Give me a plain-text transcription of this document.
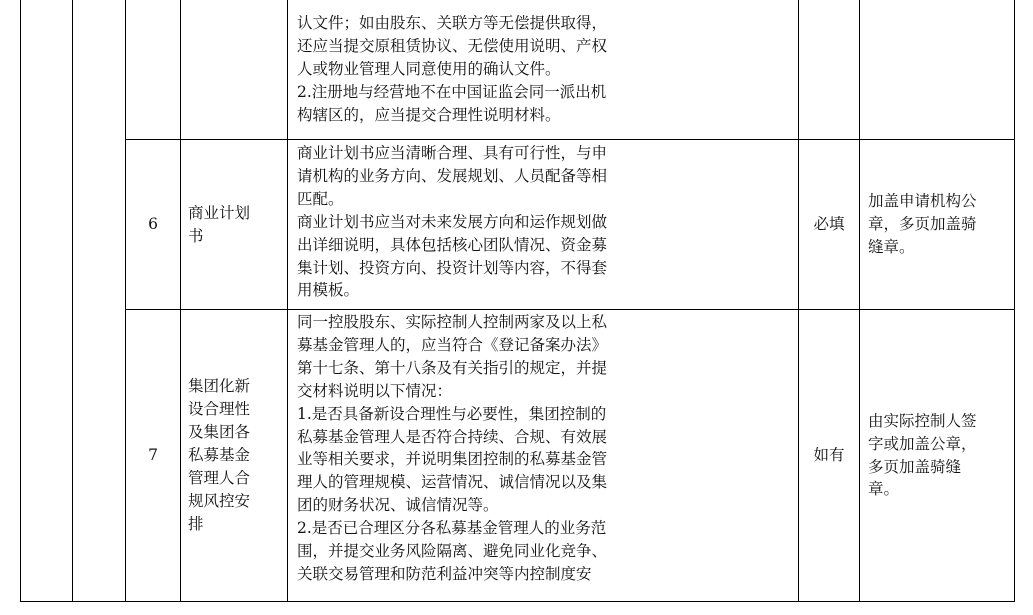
认文件；如由股东、关联方等无偿提供取得，
还应当提交原租赁协议、无偿使用说明、产权
人或物业管理人同意使用的确认文件。
2.注册地与经营地不在中国证监会同一派出机
构辖区的，应当提交合理性说明材料。
6
商业计划
书
商业计划书应当清晰合理、具有可行性，与申
请机构的业务方向、发展规划、人员配备等相
匹配。
商业计划书应当对未来发展方向和运作规划做
出详细说明，具体包括核心团队情况、资金募
集计划、投资方向、投资计划等内容，不得套
用模板。
必填
加盖申请机构公
章，多页加盖骑
缝章。
7
集团化新
设合理性
及集团各
私募基金
管理人合
规风控安
排
同一控股股东、实际控制人控制两家及以上私
募基金管理人的，应当符合《登记备案办法》
第十七条、第十八条及有关指引的规定，并提
交材料说明以下情况：
1.是否具备新设合理性与必要性，集团控制的
私募基金管理人是否符合持续、合规、有效展
业等相关要求，并说明集团控制的私募基金管
理人的管理规模、运营情况、诚信情况以及集
团的财务状况、诚信情况等。
2.是否已合理区分各私募基金管理人的业务范
围，并提交业务风险隔离、避免同业化竞争、
关联交易管理和防范利益冲突等内控制度安
如有
由实际控制人签
字或加盖公章，
多页加盖骑缝
章。
